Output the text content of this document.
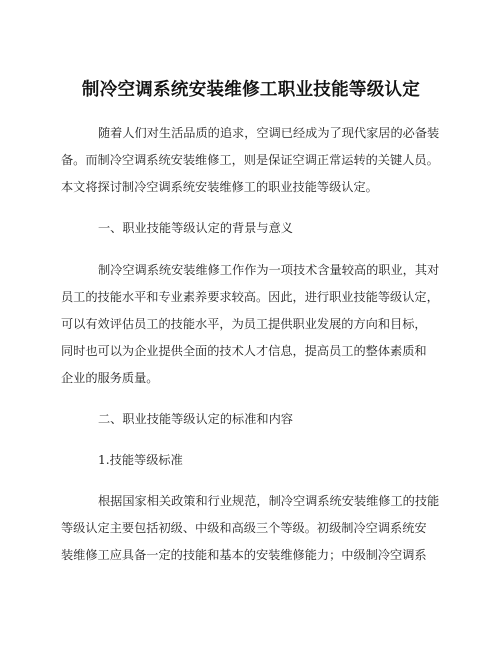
制冷空调系统安装维修工职业技能等级认定
随着人们对生活品质的追求，空调已经成为了现代家居的必备装
备。而制冷空调系统安装维修工，则是保证空调正常运转的关键人员。
本文将探讨制冷空调系统安装维修工的职业技能等级认定。
一、职业技能等级认定的背景与意义
制冷空调系统安装维修工作作为一项技术含量较高的职业，其对
员工的技能水平和专业素养要求较高。因此，进行职业技能等级认定，
可以有效评估员工的技能水平，为员工提供职业发展的方向和目标，
同时也可以为企业提供全面的技术人才信息，提高员工的整体素质和
企业的服务质量。
二、职业技能等级认定的标准和内容
1.技能等级标准
根据国家相关政策和行业规范，制冷空调系统安装维修工的技能
等级认定主要包括初级、中级和高级三个等级。初级制冷空调系统安
装维修工应具备一定的技能和基本的安装维修能力；中级制冷空调系
